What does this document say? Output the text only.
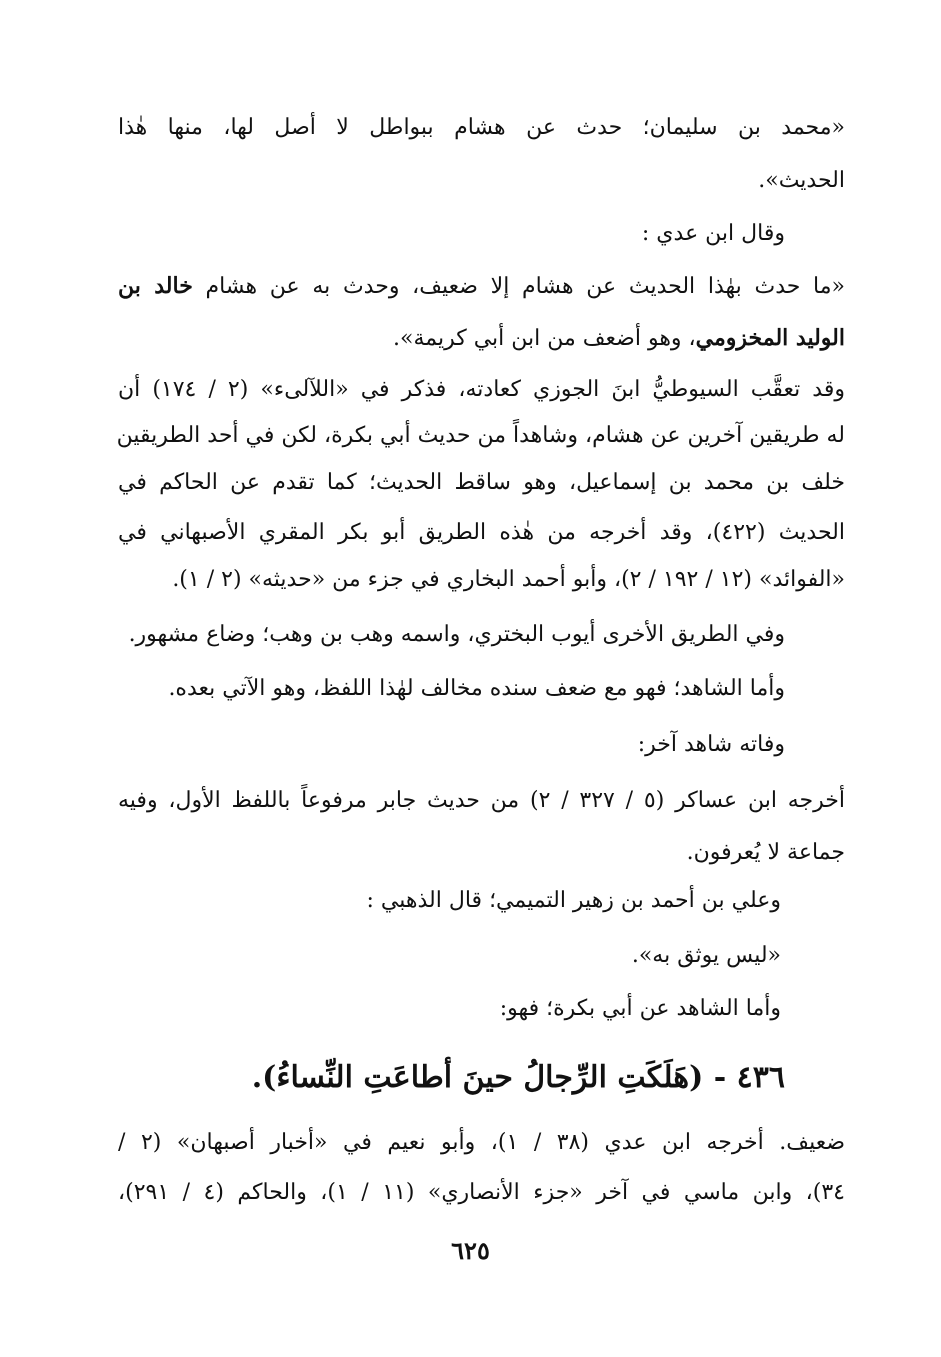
«محمد بن سليمان؛ حدث عن هشام ببواطل لا أصل لها، منها هٰذا
الحديث».
وقال ابن عدي :
«ما حدث بهٰذا الحديث عن هشام إلا ضعيف، وحدث به عن هشام خالد بن
الوليد المخزومي، وهو أضعف من ابن أبي كريمة».
وقد تعقَّب السيوطيُّ ابنَ الجوزي كعادته، فذكر في «اللآلىء» (٢ / ١٧٤) أن
له طريقين آخرين عن هشام، وشاهداً من حديث أبي بكرة، لكن في أحد الطريقين
خلف بن محمد بن إسماعيل، وهو ساقط الحديث؛ كما تقدم عن الحاكم في
الحديث (٤٢٢)، وقد أخرجه من هٰذه الطريق أبو بكر المقري الأصبهاني في
«الفوائد» (١٢ / ١٩٢ / ٢)، وأبو أحمد البخاري في جزء من «حديثه» (٢ / ١).
وفي الطريق الأخرى أيوب البختري، واسمه وهب بن وهب؛ وضاع مشهور.
وأما الشاهد؛ فهو مع ضعف سنده مخالف لهٰذا اللفظ، وهو الآتي بعده.
وفاته شاهد آخر:
أخرجه ابن عساكر (٥ / ٣٢٧ / ٢) من حديث جابر مرفوعاً باللفظ الأول، وفيه
جماعة لا يُعرفون.
وعلي بن أحمد بن زهير التميمي؛ قال الذهبي :
«ليس يوثق به».
وأما الشاهد عن أبي بكرة؛ فهو:
٤٣٦ - (هَلَكَتِ الرِّجالُ حينَ أطاعَتِ النِّساءُ).
ضعيف. أخرجه ابن عدي (٣٨ / ١)، وأبو نعيم في «أخبار أصبهان» (٢ /
٣٤)، وابن ماسي في آخر «جزء الأنصاري» (١١ / ١)، والحاكم (٤ / ٢٩١)،
٦٢٥
